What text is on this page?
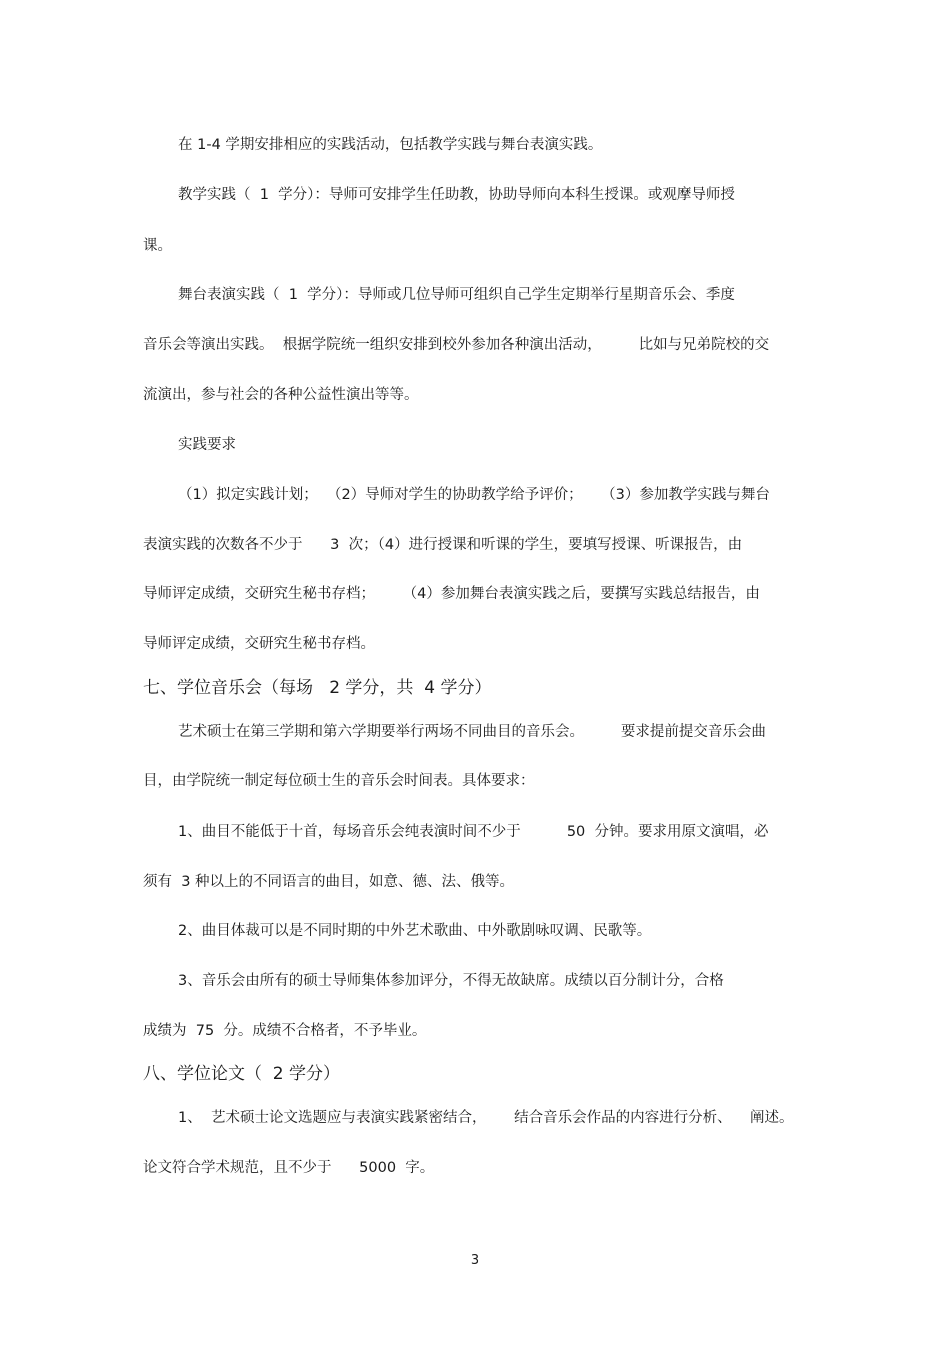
在 1-4 学期安排相应的实践活动，包括教学实践与舞台表演实践。
教学实践（  1  学分）：导师可安排学生任助教，协助导师向本科生授课。或观摩导师授
课。
舞台表演实践（  1  学分）：导师或几位导师可组织自己学生定期举行星期音乐会、季度
音乐会等演出实践。  根据学院统一组织安排到校外参加各种演出活动，        比如与兄弟院校的交
流演出，参与社会的各种公益性演出等等。
实践要求
（1）拟定实践计划；  （2）导师对学生的协助教学给予评价；    （3）参加教学实践与舞台
表演实践的次数各不少于      3  次；（4）进行授课和听课的学生，要填写授课、听课报告，由
导师评定成绩，交研究生秘书存档；      （4）参加舞台表演实践之后，要撰写实践总结报告，由
导师评定成绩，交研究生秘书存档。
七、学位音乐会（每场   2 学分，共  4 学分）
艺术硕士在第三学期和第六学期要举行两场不同曲目的音乐会。        要求提前提交音乐会曲
目，由学院统一制定每位硕士生的音乐会时间表。具体要求：
1、曲目不能低于十首，每场音乐会纯表演时间不少于          50  分钟。要求用原文演唱，必
须有  3 种以上的不同语言的曲目，如意、德、法、俄等。
2、曲目体裁可以是不同时期的中外艺术歌曲、中外歌剧咏叹调、民歌等。
3、音乐会由所有的硕士导师集体参加评分，不得无故缺席。成绩以百分制计分，合格
成绩为  75  分。成绩不合格者，不予毕业。
八、学位论文（  2 学分）
1、  艺术硕士论文选题应与表演实践紧密结合，      结合音乐会作品的内容进行分析、    阐述。
论文符合学术规范，且不少于      5000  字。
3
